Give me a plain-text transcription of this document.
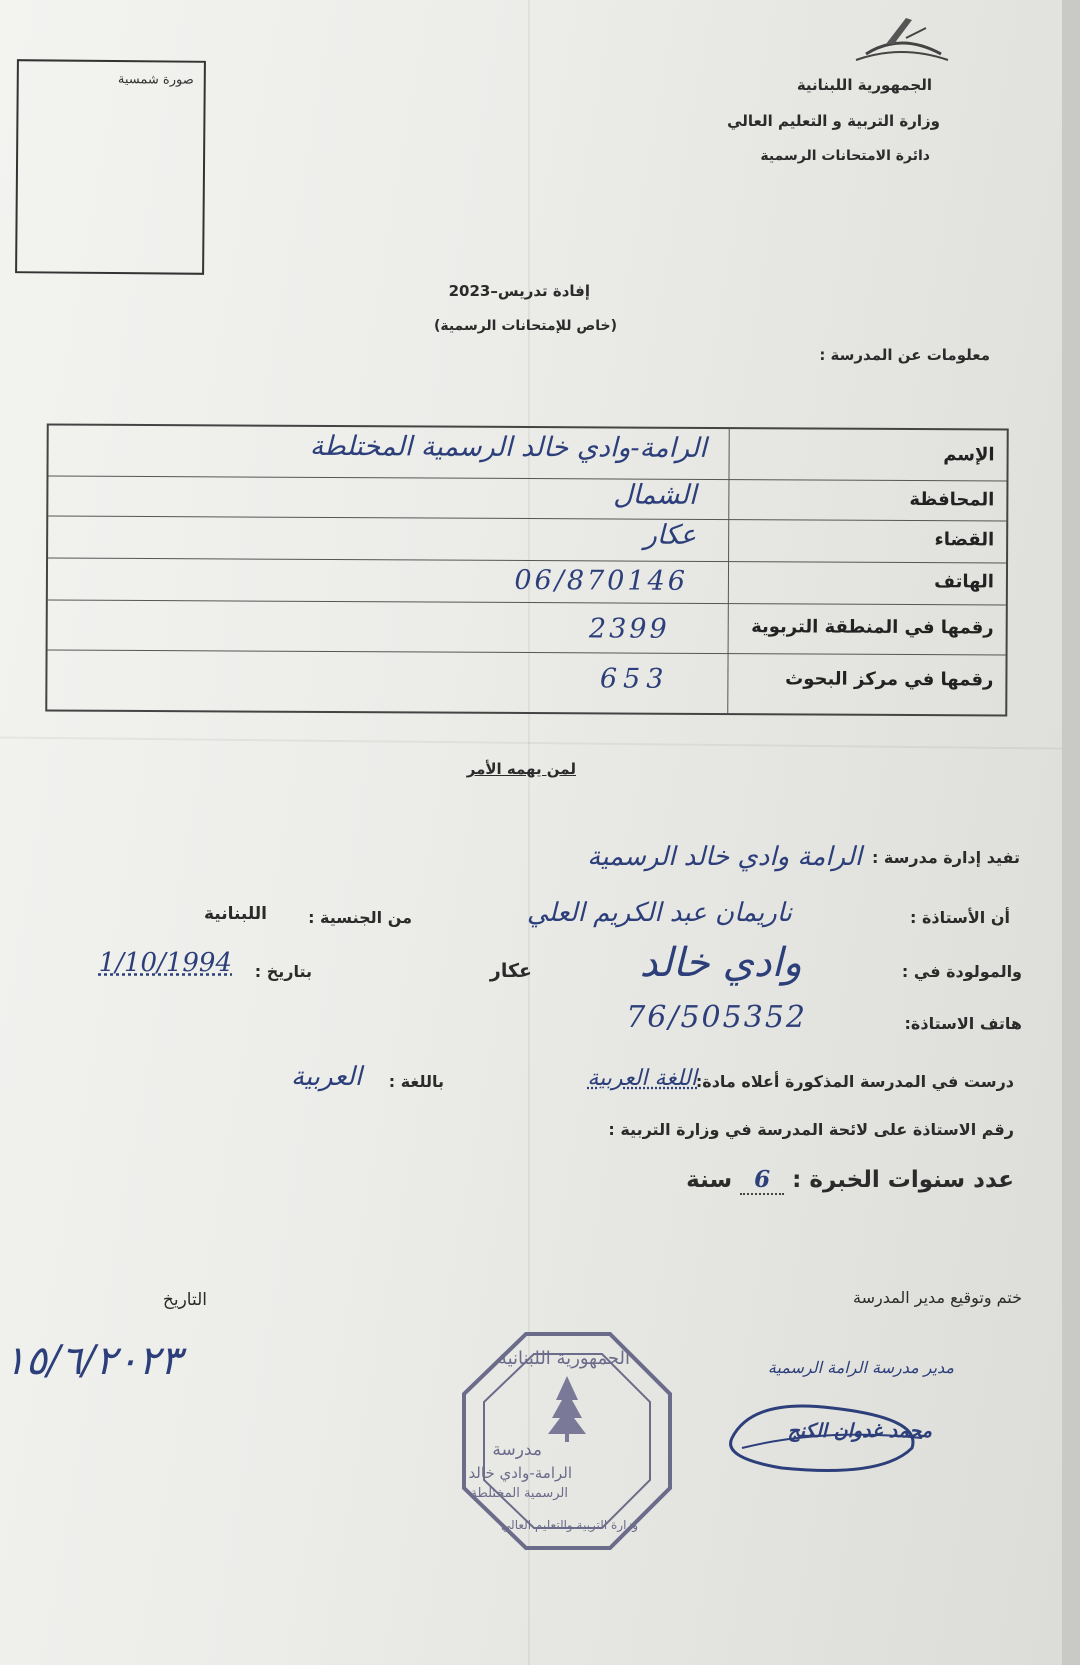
الجمهورية اللبنانية
وزارة التربية و التعليم العالي
دائرة الامتحانات الرسمية
صورة شمسية
إفادة تدريس–2023
(خاص للإمتحانات الرسمية)
معلومات عن المدرسة :
الإسم
الرامة-وادي خالد الرسمية المختلطة
المحافظة
الشمال
القضاء
عكار
الهاتف
06/870146
رقمها في المنطقة التربوية
2399
رقمها في مركز البحوث
653
لمن يهمه الأمر
تفيد إدارة مدرسة :
الرامة وادي خالد الرسمية
أن الأستاذة :
ناريمان عبد الكريم العلي
من الجنسية :
اللبنانية
والمولودة في :
وادي خالد
عكار
بتاريخ :
1/10/1994
هاتف الاستاذة:
76/505352
درست في المدرسة المذكورة أعلاه مادة:
اللغة العربية
باللغة :
العربية
رقم الاستاذة على لائحة المدرسة في وزارة التربية :
عدد سنوات الخبرة : 6 سنة
ختم وتوقيع مدير المدرسة
التاريخ
١٥/٦/٢٠٢٣	مدير مدرسة الرامة الرسمية
محمد غدوان الكنج
الجمهورية اللبنانية
مدرسة
الرامة-وادي خالد
الرسمية المختلطة
وزارة التربية والتعليم العالي
